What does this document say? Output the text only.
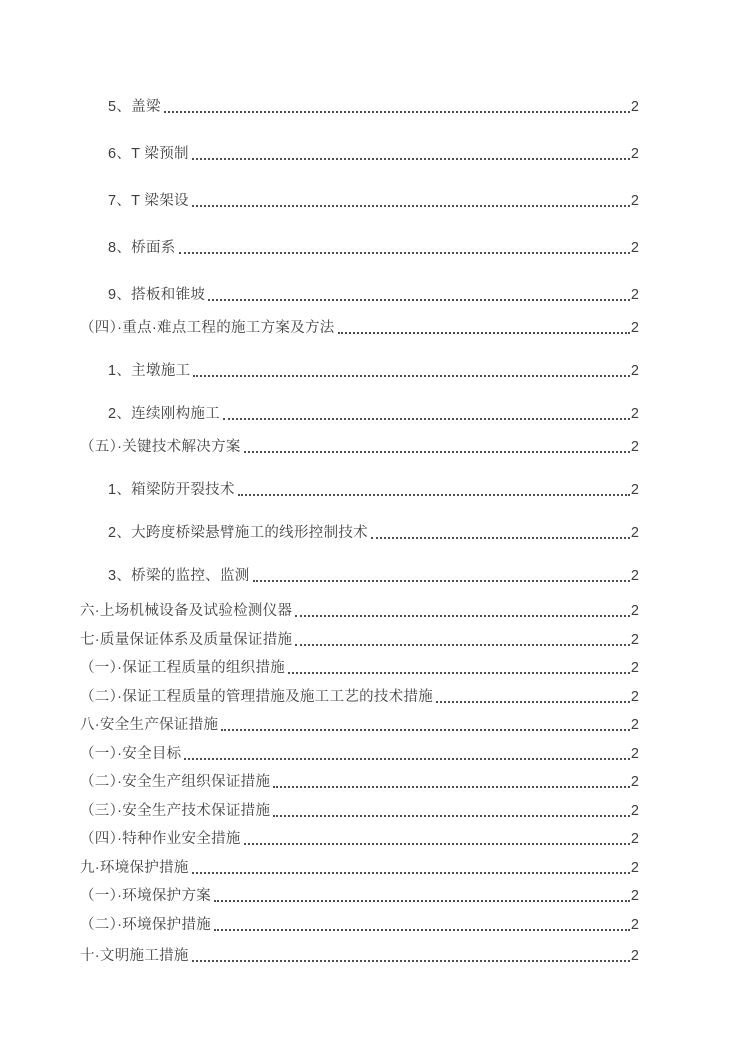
5、盖梁	2
6、T 梁预制	2
7、T 梁架设	2
8、桥面系	2
9、搭板和锥坡	2
（四）·重点·难点工程的施工方案及方法	2
1、主墩施工	2
2、连续刚构施工	2
（五）·关键技术解决方案	2
1、箱梁防开裂技术	2
2、大跨度桥梁悬臂施工的线形控制技术	2
3、桥梁的监控、监测	2
六·上场机械设备及试验检测仪器	2
七·质量保证体系及质量保证措施	2
（一）·保证工程质量的组织措施	2
（二）·保证工程质量的管理措施及施工工艺的技术措施	2
八·安全生产保证措施	2
（一）·安全目标	2
（二）·安全生产组织保证措施	2
（三）·安全生产技术保证措施	2
（四）·特种作业安全措施	2
九·环境保护措施	2
（一）·环境保护方案	2
（二）·环境保护措施	2
十·文明施工措施	2
